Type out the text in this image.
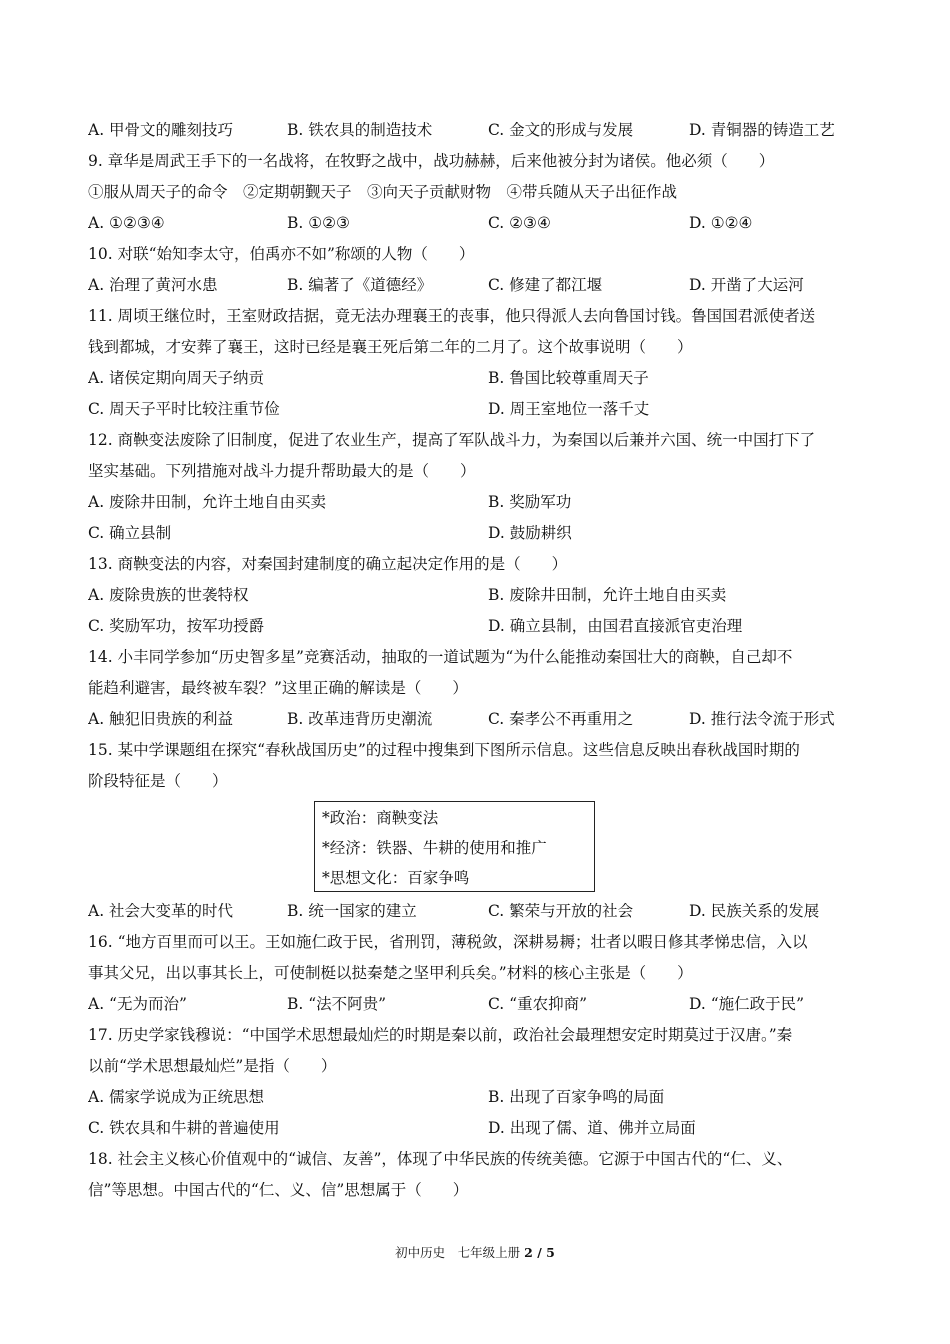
A. 甲骨文的雕刻技巧	B. 铁农具的制造技术	C. 金文的形成与发展	D. 青铜器的铸造工艺
9. 章华是周武王手下的一名战将，在牧野之战中，战功赫赫，后来他被分封为诸侯。他必须（　　）
①服从周天子的命令　②定期朝觐天子　③向天子贡献财物　④带兵随从天子出征作战
A. ①②③④	B. ①②③	C. ②③④	D. ①②④
10. 对联“始知李太守，伯禹亦不如”称颂的人物（　　）
A. 治理了黄河水患	B. 编著了《道德经》	C. 修建了都江堰	D. 开凿了大运河
11. 周顷王继位时，王室财政拮据，竟无法办理襄王的丧事，他只得派人去向鲁国讨钱。鲁国国君派使者送
钱到都城，才安葬了襄王，这时已经是襄王死后第二年的二月了。这个故事说明（　　）
A. 诸侯定期向周天子纳贡	B. 鲁国比较尊重周天子
C. 周天子平时比较注重节俭	D. 周王室地位一落千丈
12. 商鞅变法废除了旧制度，促进了农业生产，提高了军队战斗力，为秦国以后兼并六国、统一中国打下了
坚实基础。下列措施对战斗力提升帮助最大的是（　　）
A. 废除井田制，允许土地自由买卖	B. 奖励军功
C. 确立县制	D. 鼓励耕织
13. 商鞅变法的内容，对秦国封建制度的确立起决定作用的是（　　）
A. 废除贵族的世袭特权	B. 废除井田制，允许土地自由买卖
C. 奖励军功，按军功授爵	D. 确立县制，由国君直接派官吏治理
14. 小丰同学参加“历史智多星”竞赛活动，抽取的一道试题为“为什么能推动秦国壮大的商鞅，自己却不
能趋利避害，最终被车裂？”这里正确的解读是（　　）
A. 触犯旧贵族的利益	B. 改革违背历史潮流	C. 秦孝公不再重用之	D. 推行法令流于形式
15. 某中学课题组在探究“春秋战国历史”的过程中搜集到下图所示信息。这些信息反映出春秋战国时期的
阶段特征是（　　）
*政治：商鞅变法
*经济：铁器、牛耕的使用和推广
*思想文化：百家争鸣
A. 社会大变革的时代	B. 统一国家的建立	C. 繁荣与开放的社会	D. 民族关系的发展
16. “地方百里而可以王。王如施仁政于民，省刑罚，薄税敛，深耕易耨；壮者以暇日修其孝悌忠信，入以
事其父兄，出以事其长上，可使制梃以挞秦楚之坚甲利兵矣。”材料的核心主张是（　　）
A. “无为而治”	B. “法不阿贵”	C. “重农抑商”	D. “施仁政于民”
17. 历史学家钱穆说：“中国学术思想最灿烂的时期是秦以前，政治社会最理想安定时期莫过于汉唐。”秦
以前“学术思想最灿烂”是指（　　）
A. 儒家学说成为正统思想	B. 出现了百家争鸣的局面
C. 铁农具和牛耕的普遍使用	D. 出现了儒、道、佛并立局面
18. 社会主义核心价值观中的“诚信、友善”，体现了中华民族的传统美德。它源于中国古代的“仁、义、
信”等思想。中国古代的“仁、义、信”思想属于（　　）
初中历史　七年级上册 2 / 5
